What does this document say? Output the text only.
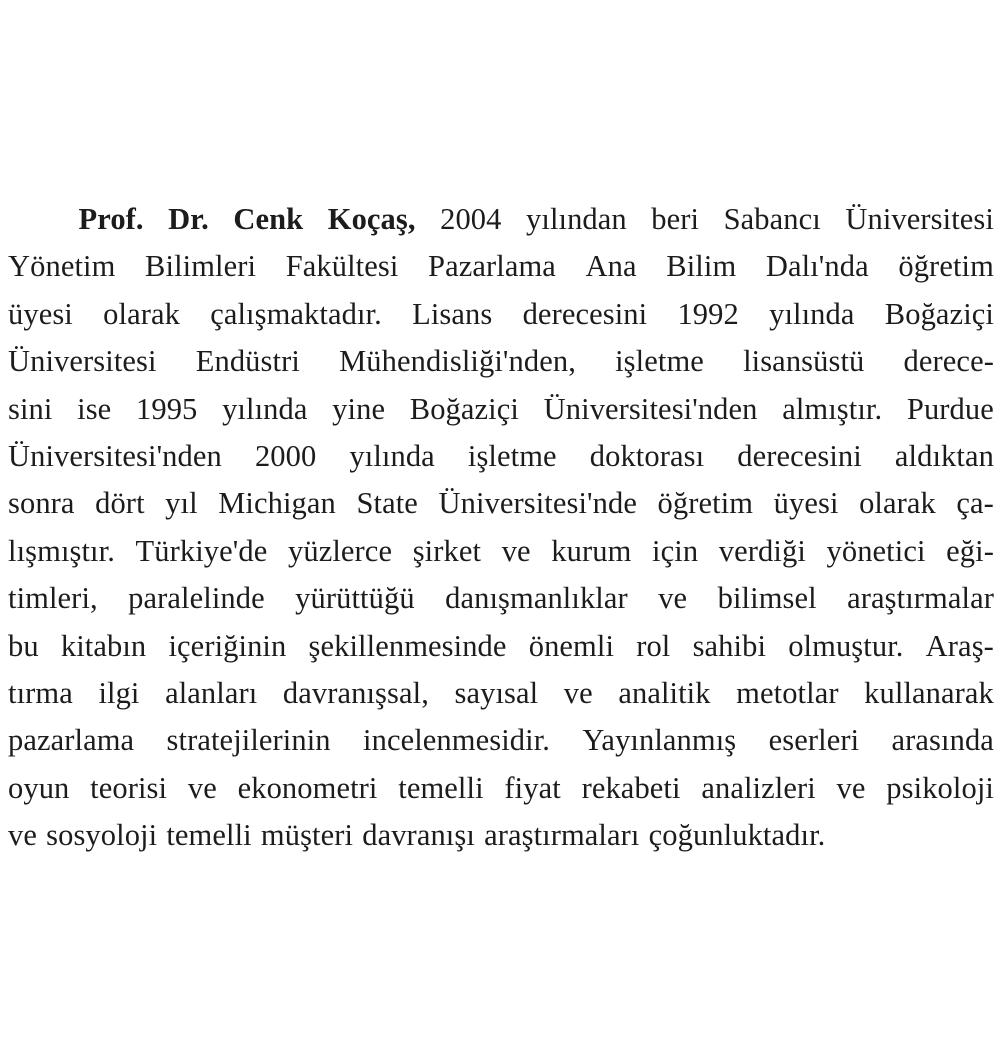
Prof. Dr. Cenk Koçaş, 2004 yılından beri Sabancı Üniversitesi
Yönetim Bilimleri Fakültesi Pazarlama Ana Bilim Dalı'nda öğretim
üyesi olarak çalışmaktadır. Lisans derecesini 1992 yılında Boğaziçi
Üniversitesi Endüstri Mühendisliği'nden, işletme lisansüstü derece-
sini ise 1995 yılında yine Boğaziçi Üniversitesi'nden almıştır. Purdue
Üniversitesi'nden 2000 yılında işletme doktorası derecesini aldıktan
sonra dört yıl Michigan State Üniversitesi'nde öğretim üyesi olarak ça-
lışmıştır. Türkiye'de yüzlerce şirket ve kurum için verdiği yönetici eği-
timleri, paralelinde yürüttüğü danışmanlıklar ve bilimsel araştırmalar
bu kitabın içeriğinin şekillenmesinde önemli rol sahibi olmuştur. Araş-
tırma ilgi alanları davranışsal, sayısal ve analitik metotlar kullanarak
pazarlama stratejilerinin incelenmesidir. Yayınlanmış eserleri arasında
oyun teorisi ve ekonometri temelli fiyat rekabeti analizleri ve psikoloji
ve sosyoloji temelli müşteri davranışı araştırmaları çoğunluktadır.
